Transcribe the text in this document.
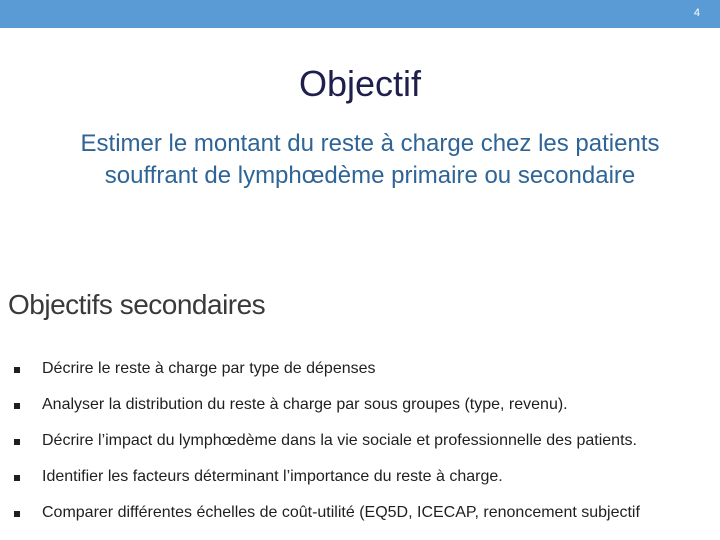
4
Objectif
Estimer le montant du reste à charge chez les patients souffrant de lymphœdème primaire ou secondaire
Objectifs secondaires
Décrire le reste à charge par type de dépenses
Analyser la distribution du reste à charge par sous groupes (type, revenu).
Décrire l’impact du lymphœdème dans la vie sociale et professionnelle des patients.
Identifier les facteurs déterminant l’importance du reste à charge.
Comparer différentes échelles de coût-utilité (EQ5D, ICECAP, renoncement subjectif
